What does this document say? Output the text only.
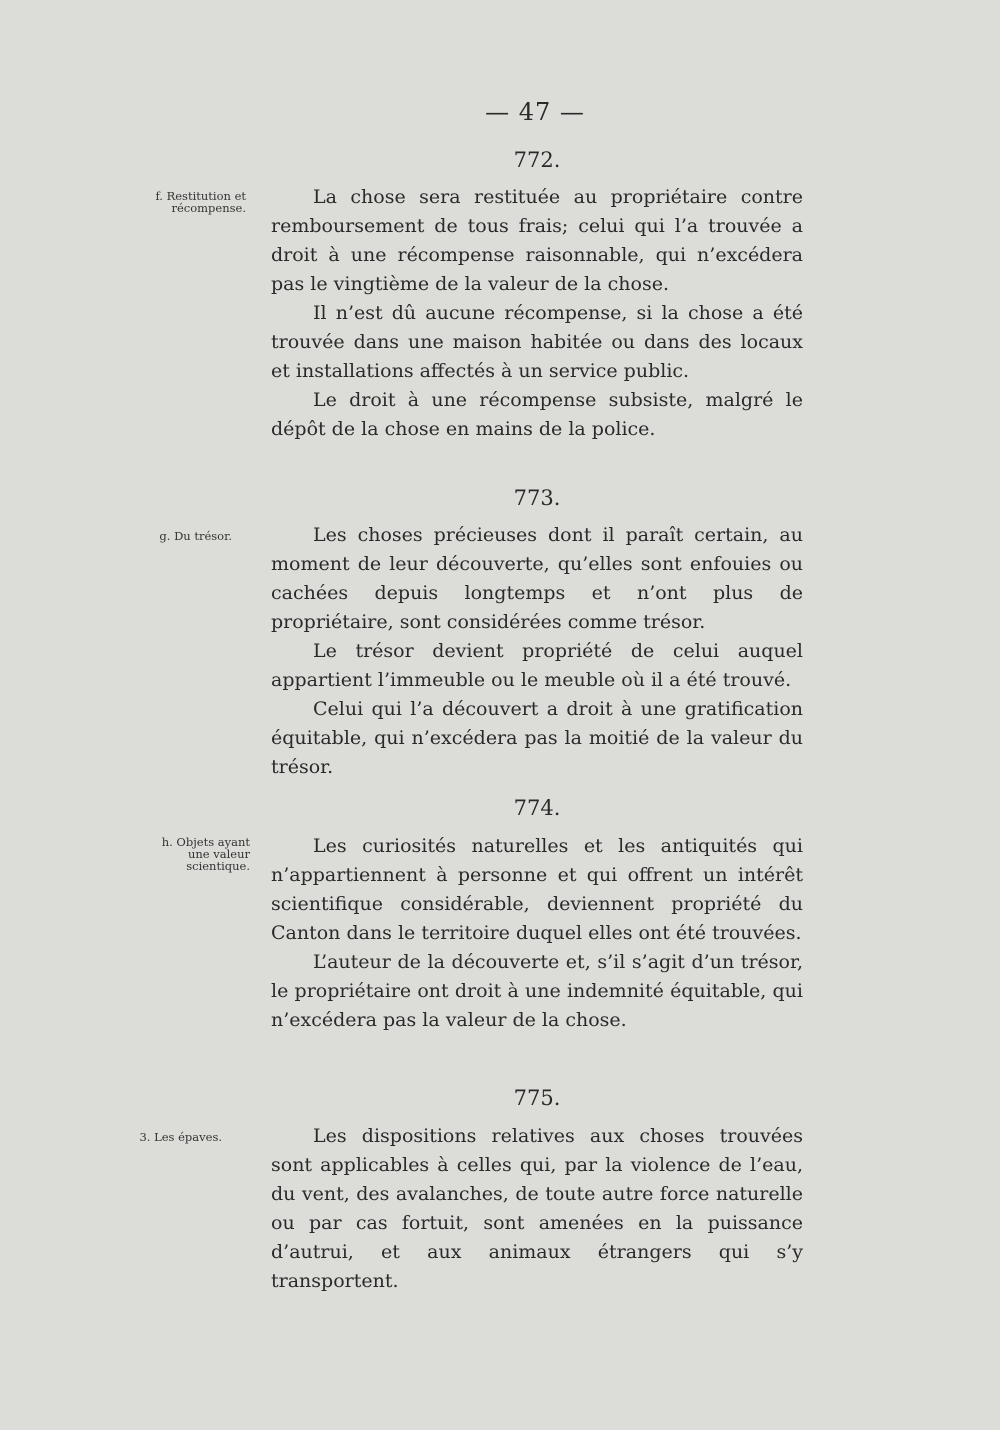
— 47 —
772.
f. Restitution et
récompense.	La chose sera restituée au propriétaire contre remboursement de tous frais; celui qui l’a trouvée a droit à une récompense raisonnable, qui n’excédera pas le vingtième de la valeur de la chose.

Il n’est dû aucune récompense, si la chose a été trouvée dans une maison habitée ou dans des locaux et installations affectés à un service public.

Le droit à une récompense subsiste, malgré le dépôt de la chose en mains de la police.

773.
g. Du trésor.	Les choses précieuses dont il paraît certain, au moment de leur découverte, qu’elles sont enfouies ou cachées depuis longtemps et n’ont plus de propriétaire, sont considérées comme trésor.

Le trésor devient propriété de celui auquel appartient l’immeuble ou le meuble où il a été trouvé.

Celui qui l’a découvert a droit à une gratification équitable, qui n’excédera pas la moitié de la valeur du trésor.

774.
h. Objets ayant
une valeur
scientique.

Les curiosités naturelles et les antiquités qui n’appartiennent à personne et qui offrent un intérêt scientifique considérable, deviennent propriété du Canton dans le territoire duquel elles ont été trouvées.

L’auteur de la découverte et, s’il s’agit d’un trésor, le propriétaire ont droit à une indemnité équitable, qui n’excédera pas la valeur de la chose.

775.
3. Les épaves.	Les dispositions relatives aux choses trouvées sont applicables à celles qui, par la violence de l’eau, du vent, des avalanches, de toute autre force naturelle ou par cas fortuit, sont amenées en la puissance d’autrui, et aux animaux étrangers qui s’y transportent.
